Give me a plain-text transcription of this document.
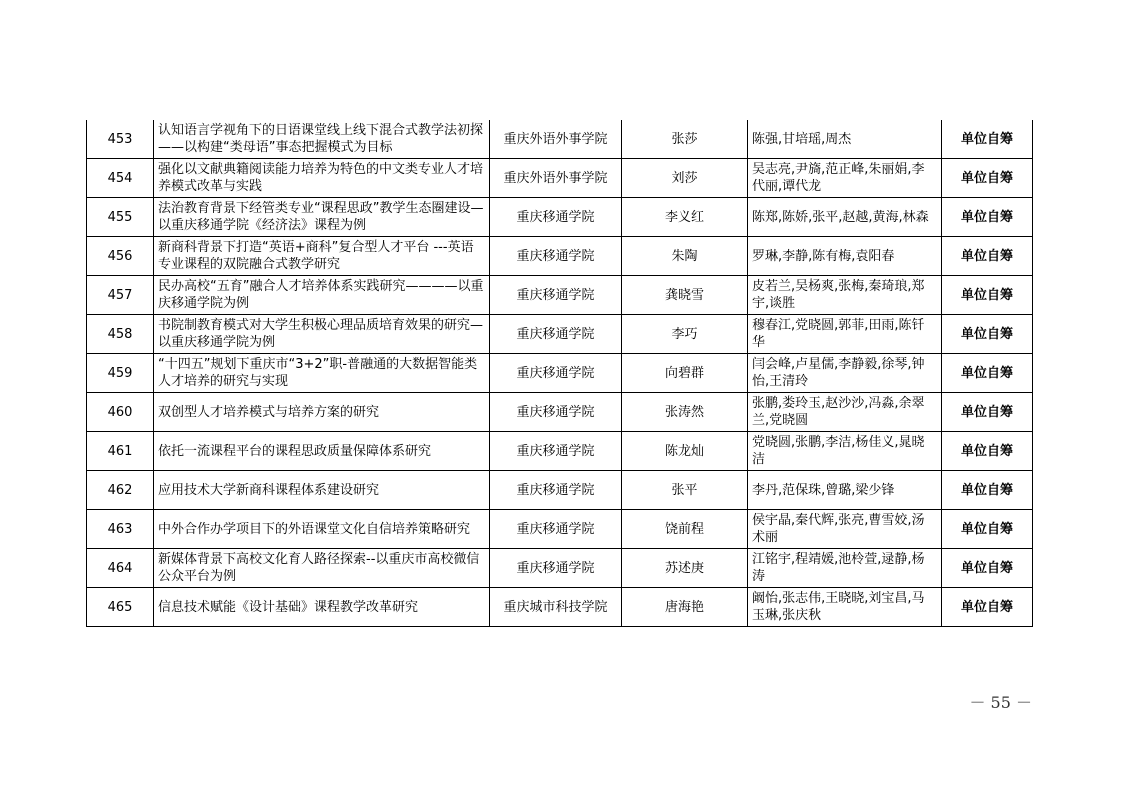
453	认知语言学视角下的日语课堂线上线下混合式教学法初探——以构建“类母语”事态把握模式为目标	重庆外语外事学院	张莎	陈强,甘培瑶,周杰	单位自筹
454	强化以文献典籍阅读能力培养为特色的中文类专业人才培养模式改革与实践	重庆外语外事学院	刘莎	吴志亮,尹旖,范正峰,朱丽娟,李代丽,谭代龙	单位自筹
455	法治教育背景下经管类专业“课程思政”教学生态圈建设—以重庆移通学院《经济法》课程为例	重庆移通学院	李义红	陈郑,陈娇,张平,赵越,黄海,林森	单位自筹
456	新商科背景下打造“英语+商科”复合型人才平台 ---英语专业课程的双院融合式教学研究	重庆移通学院	朱陶	罗琳,李静,陈有梅,袁阳春	单位自筹
457	民办高校“五育”融合人才培养体系实践研究————以重庆移通学院为例	重庆移通学院	龚晓雪	皮若兰,吴杨爽,张梅,秦琦琅,郑宇,谈胜	单位自筹
458	书院制教育模式对大学生积极心理品质培育效果的研究—以重庆移通学院为例	重庆移通学院	李巧	穆春江,党晓圆,郭菲,田雨,陈钎华	单位自筹
459	“十四五”规划下重庆市“3+2”职-普融通的大数据智能类人才培养的研究与实现	重庆移通学院	向碧群	闫会峰,卢星儒,李静毅,徐琴,钟怡,王清玲	单位自筹
460	双创型人才培养模式与培养方案的研究	重庆移通学院	张涛然	张鹏,娄玲玉,赵沙沙,冯淼,余翠兰,党晓圆	单位自筹
461	依托一流课程平台的课程思政质量保障体系研究	重庆移通学院	陈龙灿	党晓圆,张鹏,李洁,杨佳义,晁晓洁	单位自筹
462	应用技术大学新商科课程体系建设研究	重庆移通学院	张平	李丹,范保珠,曾璐,梁少锋	单位自筹
463	中外合作办学项目下的外语课堂文化自信培养策略研究	重庆移通学院	饶前程	侯宇晶,秦代辉,张亮,曹雪姣,汤术丽	单位自筹
464	新媒体背景下高校文化育人路径探索--以重庆市高校微信公众平台为例	重庆移通学院	苏述庚	江铭宇,程靖媛,池柃萱,逯静,杨涛	单位自筹
465	信息技术赋能《设计基础》课程教学改革研究	重庆城市科技学院	唐海艳	阚怡,张志伟,王晓晓,刘宝昌,马玉琳,张庆秋	单位自筹
－ 55 －
